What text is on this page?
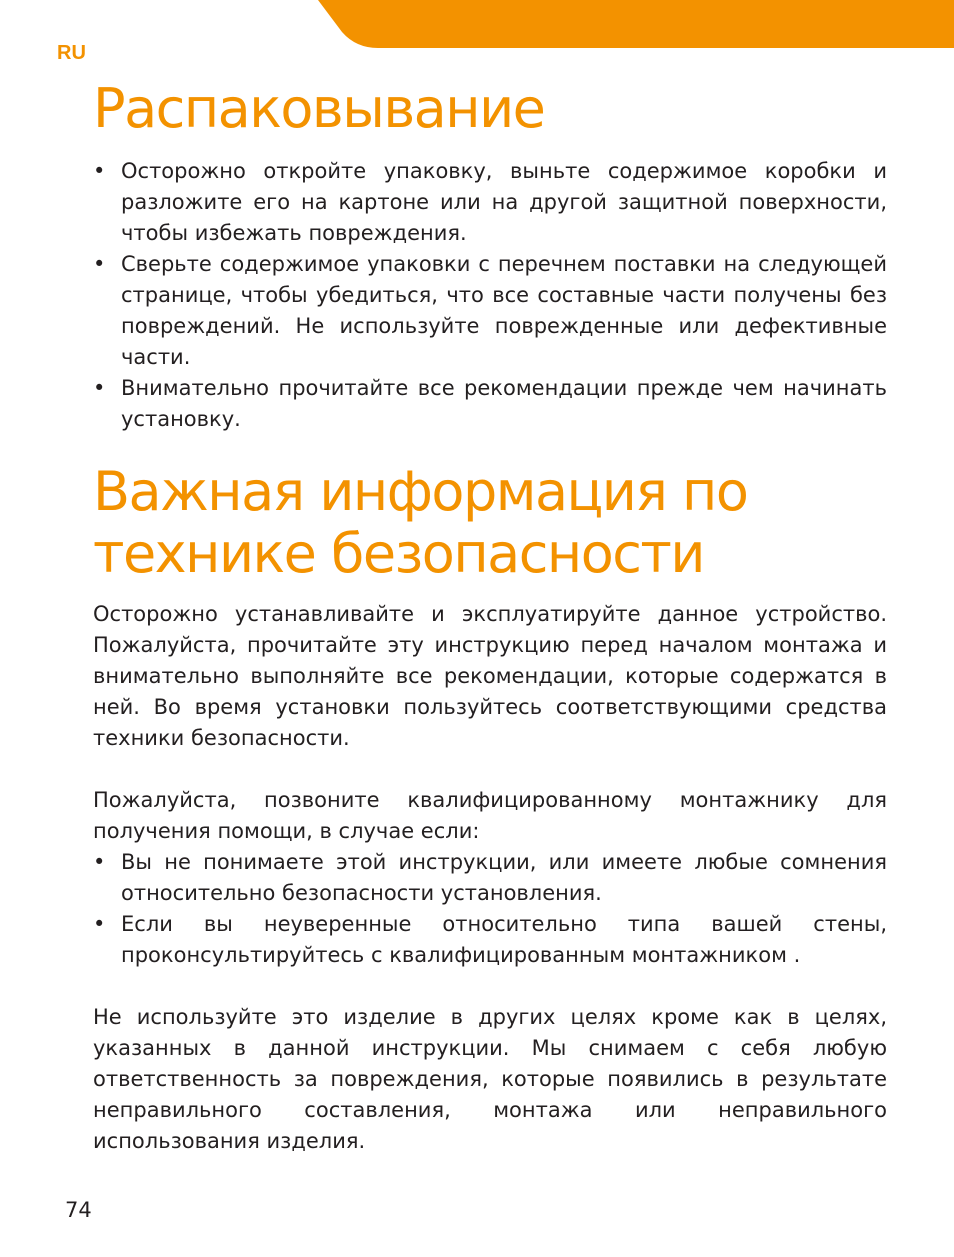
RU
Распаковывание
• Осторожно откройте упаковку, выньте содержимое коробки и разложите его на картоне или на другой защитной поверхности, чтобы избежать повреждения.
• Сверьте содержимое упаковки с перечнем поставки на следующей странице, чтобы убедиться, что все составные части получены без повреждений. Не используйте поврежденные или дефективные части.
• Внимательно прочитайте все рекомендации прежде чем начинать установку.
Важная информация по технике безопасности

Осторожно устанавливайте и эксплуатируйте данное устройство. Пожалуйста, прочитайте эту инструкцию перед началом монтажа и внимательно выполняйте все рекомендации, которые содержатся в ней. Во время установки пользуйтесь соответствующими средства техники безопасности.

Пожалуйста, позвоните квалифицированному монтажнику для получения помощи, в случае если:

• Вы не понимаете этой инструкции, или имеете любые сомнения относительно безопасности установления.
• Если вы неуверенные относительно типа вашей стены, проконсультируйтесь с квалифицированным монтажником .

Не используйте это изделие в других целях кроме как в целях, указанных в данной инструкции. Мы снимаем с себя любую ответственность за повреждения, которые появились в результате неправильного составления, монтажа или неправильного использования изделия.

74
